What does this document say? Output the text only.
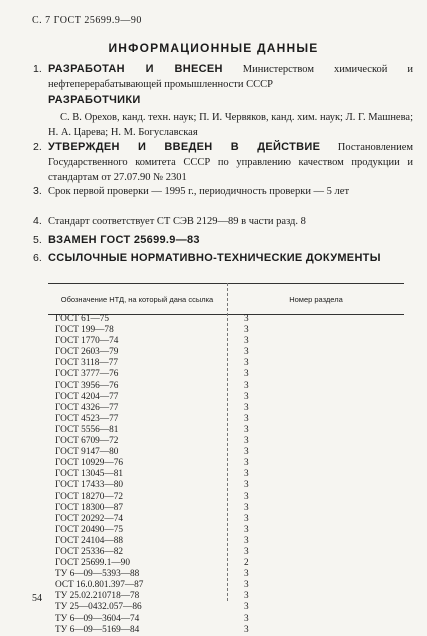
С. 7 ГОСТ 25699.9—90
ИНФОРМАЦИОННЫЕ ДАННЫЕ
1. РАЗРАБОТАН И ВНЕСЕН Министерством химической и нефтеперерабатывающей промышленности СССР
РАЗРАБОТЧИКИ
С. В. Орехов, канд. техн. наук; П. И. Червяков, канд. хим. наук; Л. Г. Машнева; Н. А. Царева; Н. М. Богуславская
2. УТВЕРЖДЕН И ВВЕДЕН В ДЕЙСТВИЕ Постановлением Государственного комитета СССР по управлению качеством продукции и стандартам от 27.07.90 № 2301
3. Срок первой проверки — 1995 г., периодичность проверки — 5 лет
4. Стандарт соответствует СТ СЭВ 2129—89 в части разд. 8
5. ВЗАМЕН ГОСТ 25699.9—83
6. ССЫЛОЧНЫЕ НОРМАТИВНО-ТЕХНИЧЕСКИЕ ДОКУМЕНТЫ
Обозначение НТД, на который дана ссылка	Номер раздела
ГОСТ 61—75	3
ГОСТ 199—78	3
ГОСТ 1770—74	3
ГОСТ 2603—79	3
ГОСТ 3118—77	3
ГОСТ 3777—76	3
ГОСТ 3956—76	3
ГОСТ 4204—77	3
ГОСТ 4326—77	3
ГОСТ 4523—77	3
ГОСТ 5556—81	3
ГОСТ 6709—72	3
ГОСТ 9147—80	3
ГОСТ 10929—76	3
ГОСТ 13045—81	3
ГОСТ 17433—80	3
ГОСТ 18270—72	3
ГОСТ 18300—87	3
ГОСТ 20292—74	3
ГОСТ 20490—75	3
ГОСТ 24104—88	3
ГОСТ 25336—82	3
ГОСТ 25699.1—90	2
ТУ 6—09—5393—88	3
ОСТ 16.0.801.397—87	3
ТУ 25.02.210718—78	3
ТУ 25—0432.057—86	3
ТУ 6—09—3604—74	3
ТУ 6—09—5169—84	3
54
